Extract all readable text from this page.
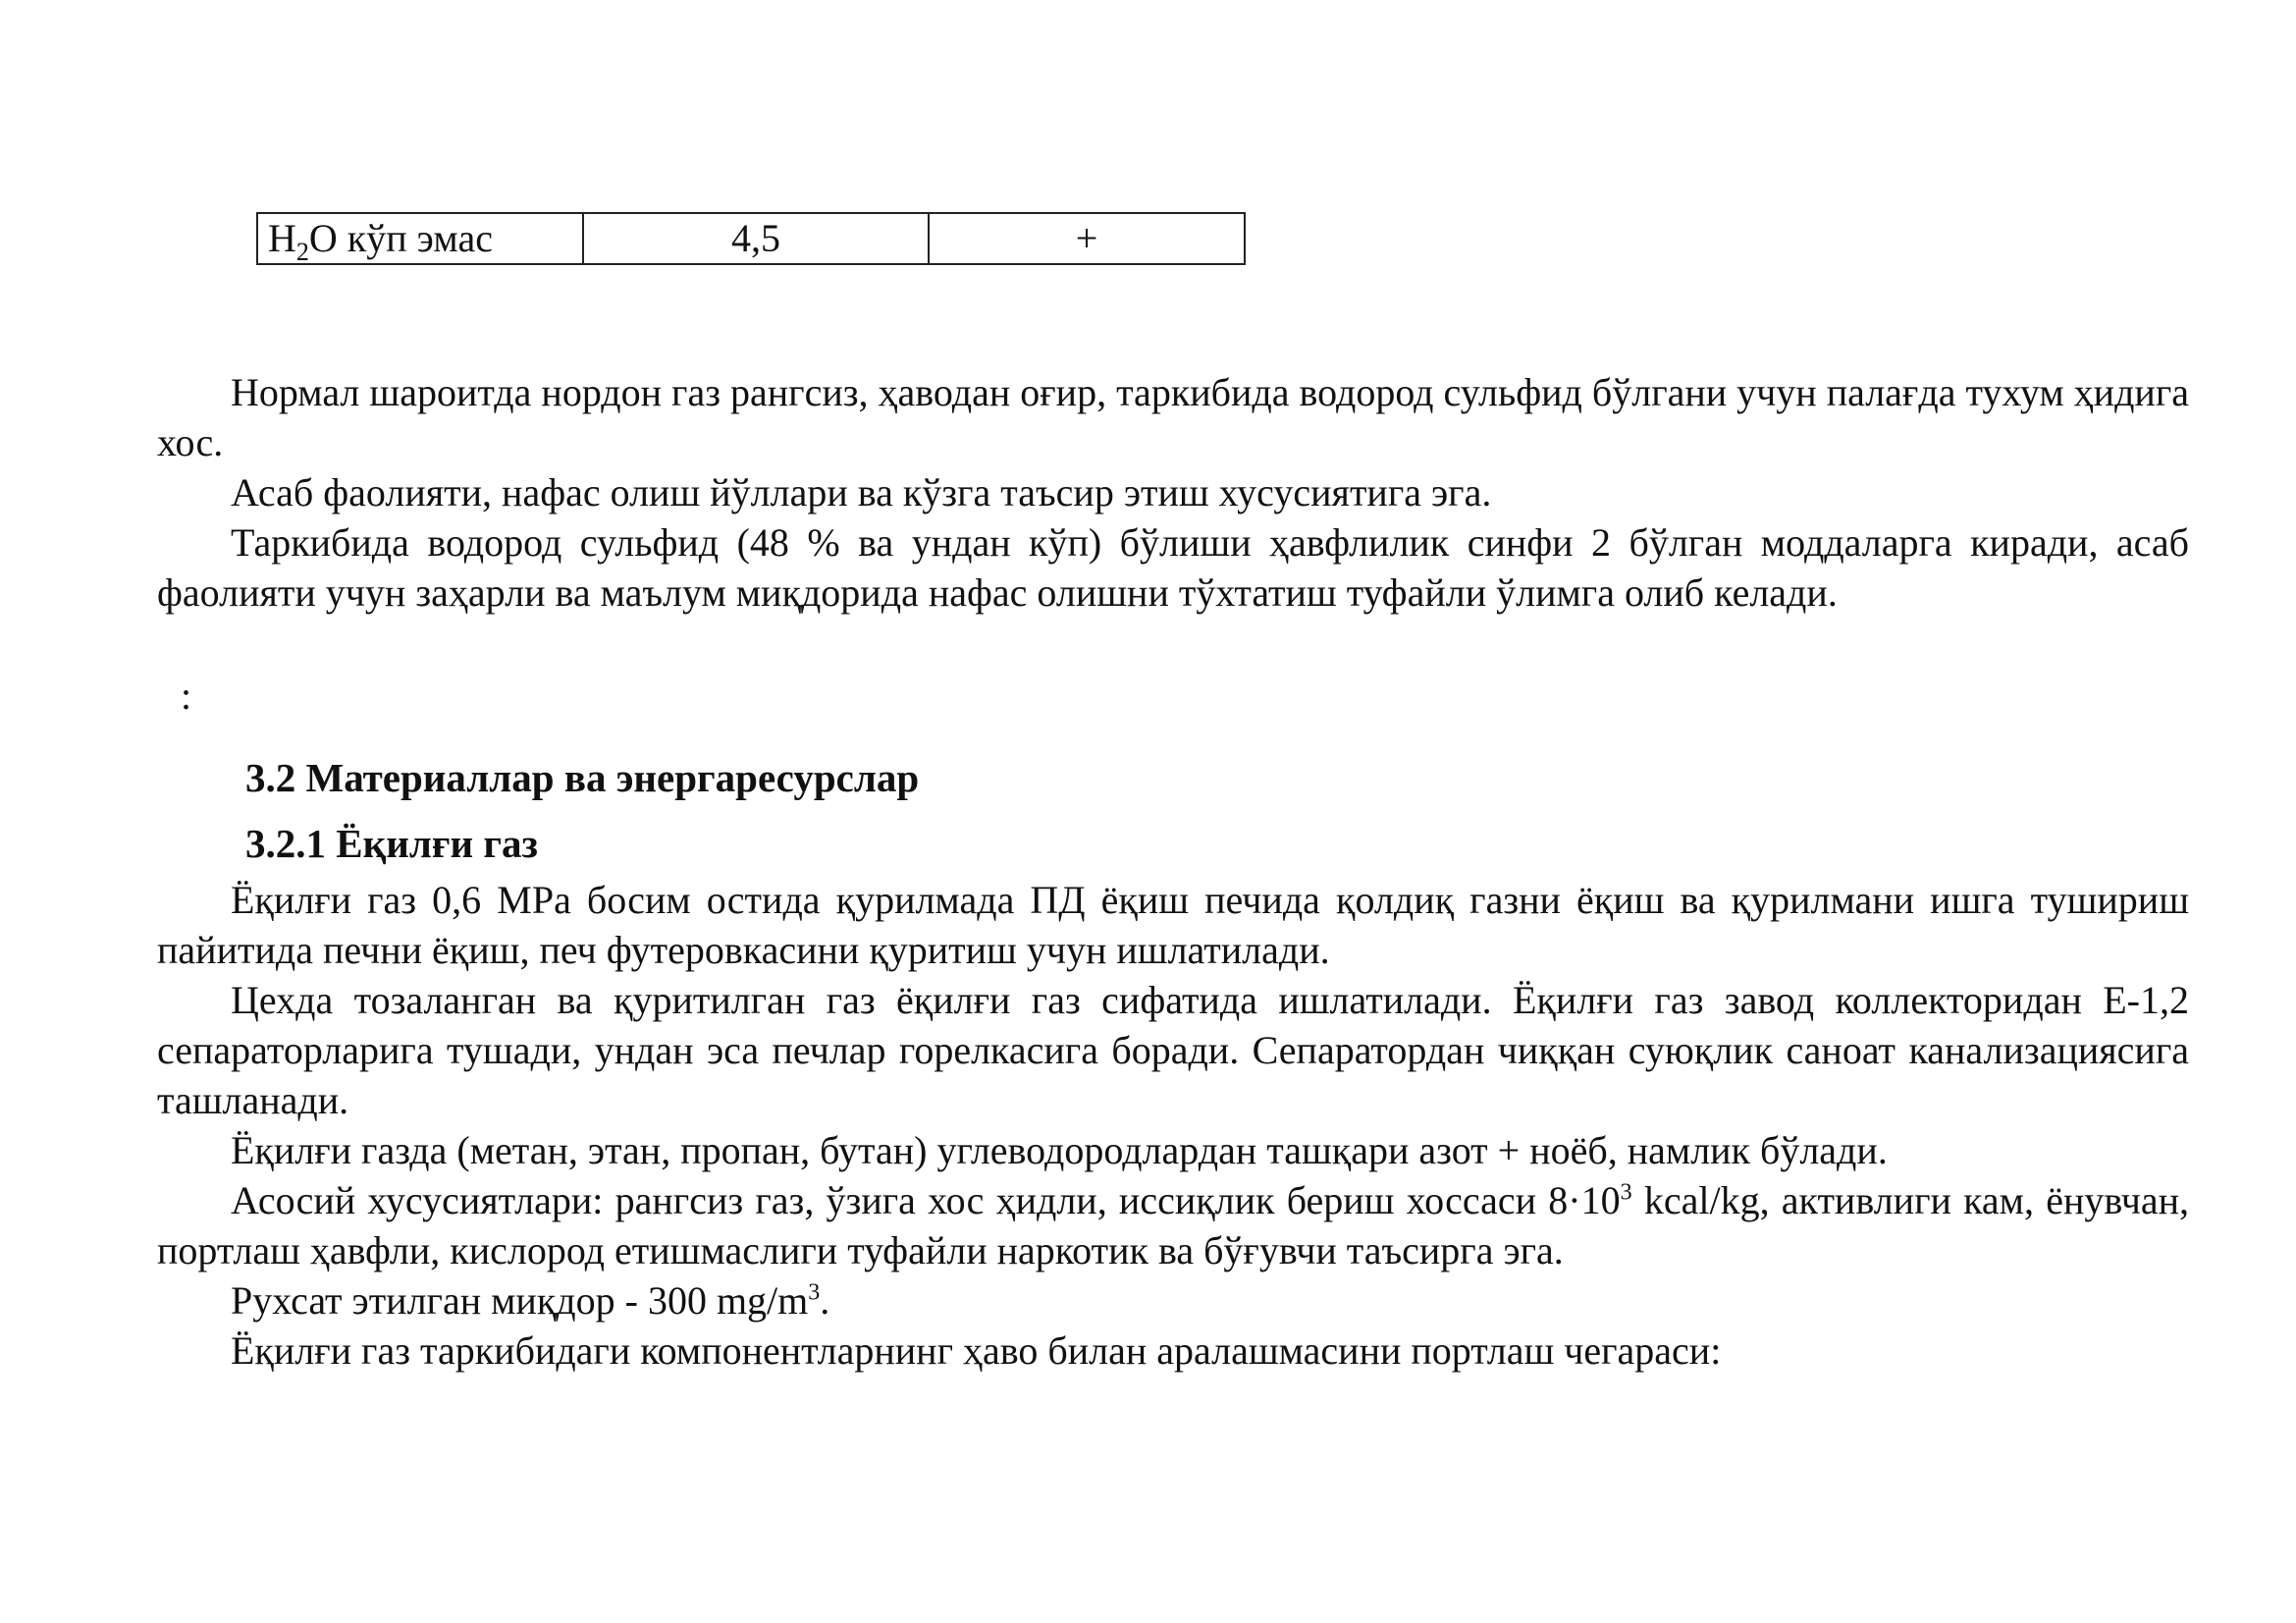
$H_2O$ кўп эмас	4,5	+

Нормал шароитда нордон газ рангсиз, ҳаводан оғир, таркибида водород сульфид бўлгани учун палағда тухум ҳидига хос.

Асаб фаолияти, нафас олиш йўллари ва кўзга таъсир этиш хусусиятига эга.

Таркибида водород сульфид (48 % ва ундан кўп) бўлиши ҳавфлилик синфи 2 бўлган моддаларга киради, асаб фаолияти учун заҳарли ва маълум миқдорида нафас олишни тўхтатиш туфайли ўлимга олиб келади.

:
3.2 Материаллар ва энергаресурслар
3.2.1 Ёқилғи газ

Ёқилғи газ 0,6 MPa босим остида қурилмада ПД ёқиш печида қолдиқ газни ёқиш ва қурилмани ишга тушириш пайитида печни ёқиш, печ футеровкасини қуритиш учун ишлатилади.

Цехда тозаланган ва қуритилган газ ёқилғи газ сифатида ишлатилади. Ёқилғи газ завод коллекторидан Е-1,2 сепараторларига тушади, ундан эса печлар горелкасига боради. Сепаратордан чиққан суюқлик саноат канализациясига ташланади.

Ёқилғи газда (метан, этан, пропан, бутан) углеводородлардан ташқари азот + ноёб, намлик бўлади.

Асосий хусусиятлари: рангсиз газ, ўзига хос ҳидли, иссиқлик бериш хоссаси $8\cdot 10^3$ kcal/kg, активлиги кам, ёнувчан, портлаш ҳавфли, кислород етишмаслиги туфайли наркотик ва бўғувчи таъсирга эга.

Рухсат этилган миқдор - 300 $mg/m^3$.

Ёқилғи газ таркибидаги компонентларнинг ҳаво билан аралашмасини портлаш чегараси:
